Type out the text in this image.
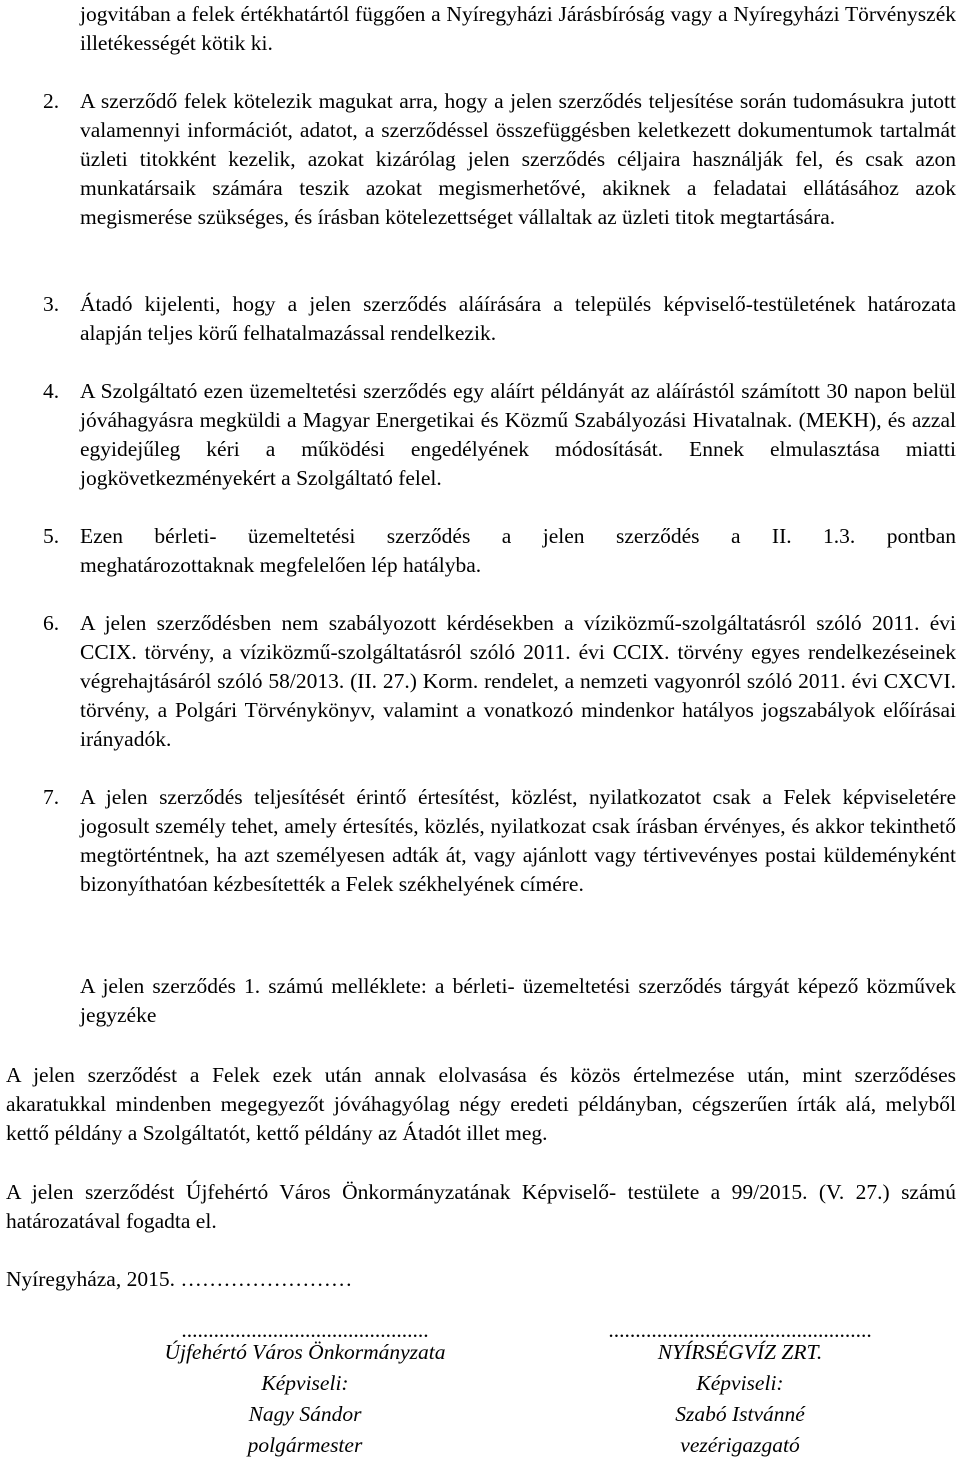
jogvitában a felek értékhatártól függően a Nyíregyházi Járásbíróság vagy a Nyíregyházi Törvényszék illetékességét kötik ki.

2. A szerződő felek kötelezik magukat arra, hogy a jelen szerződés teljesítése során tudomásukra jutott valamennyi információt, adatot, a szerződéssel összefüggésben keletkezett dokumentumok tartalmát üzleti titokként kezelik, azokat kizárólag jelen szerződés céljaira használják fel, és csak azon munkatársaik számára teszik azokat megismerhetővé, akiknek a feladatai ellátásához azok megismerése szükséges, és írásban kötelezettséget vállaltak az üzleti titok megtartására.

3. Átadó kijelenti, hogy a jelen szerződés aláírására a település képviselő-testületének határozata alapján teljes körű felhatalmazással rendelkezik.

4. A Szolgáltató ezen üzemeltetési szerződés egy aláírt példányát az aláírástól számított 30 napon belül jóváhagyásra megküldi a Magyar Energetikai és Közmű Szabályozási Hivatalnak. (MEKH), és azzal egyidejűleg kéri a működési engedélyének módosítását. Ennek elmulasztása miatti jogkövetkezményekért a Szolgáltató felel.

5. Ezen bérleti- üzemeltetési szerződés a jelen szerződés a II. 1.3. pontban
meghatározottaknak megfelelően lép hatályba.
6. A jelen szerződésben nem szabályozott kérdésekben a víziközmű-szolgáltatásról szóló 2011. évi CCIX. törvény, a víziközmű-szolgáltatásról szóló 2011. évi CCIX. törvény egyes rendelkezéseinek végrehajtásáról szóló 58/2013. (II. 27.) Korm. rendelet, a nemzeti vagyonról szóló 2011. évi CXCVI. törvény, a Polgári Törvénykönyv, valamint a vonatkozó mindenkor hatályos jogszabályok előírásai irányadók.

7. A jelen szerződés teljesítését érintő értesítést, közlést, nyilatkozatot csak a Felek képviseletére jogosult személy tehet, amely értesítés, közlés, nyilatkozat csak írásban érvényes, és akkor tekinthető megtörténtnek, ha azt személyesen adták át, vagy ajánlott vagy tértivevényes postai küldeményként bizonyíthatóan kézbesítették a Felek székhelyének címére.

A jelen szerződés 1. számú melléklete: a bérleti- üzemeltetési szerződés tárgyát képező közművek jegyzéke

A jelen szerződést a Felek ezek után annak elolvasása és közös értelmezése után, mint szerződéses akaratukkal mindenben megegyezőt jóváhagyólag négy eredeti példányban, cégszerűen írták alá, melyből kettő példány a Szolgáltatót, kettő példány az Átadót illet meg.

A jelen szerződést Újfehértó Város Önkormányzatának Képviselő- testülete a 99/2015. (V. 27.) számú határozatával fogadta el.

Nyíregyháza, 2015. ……………………

..............................................
Újfehértó Város Önkormányzata
Képviseli:
Nagy Sándor
polgármester
.................................................
NYÍRSÉGVÍZ ZRT.
Képviseli:
Szabó Istvánné
vezérigazgató
